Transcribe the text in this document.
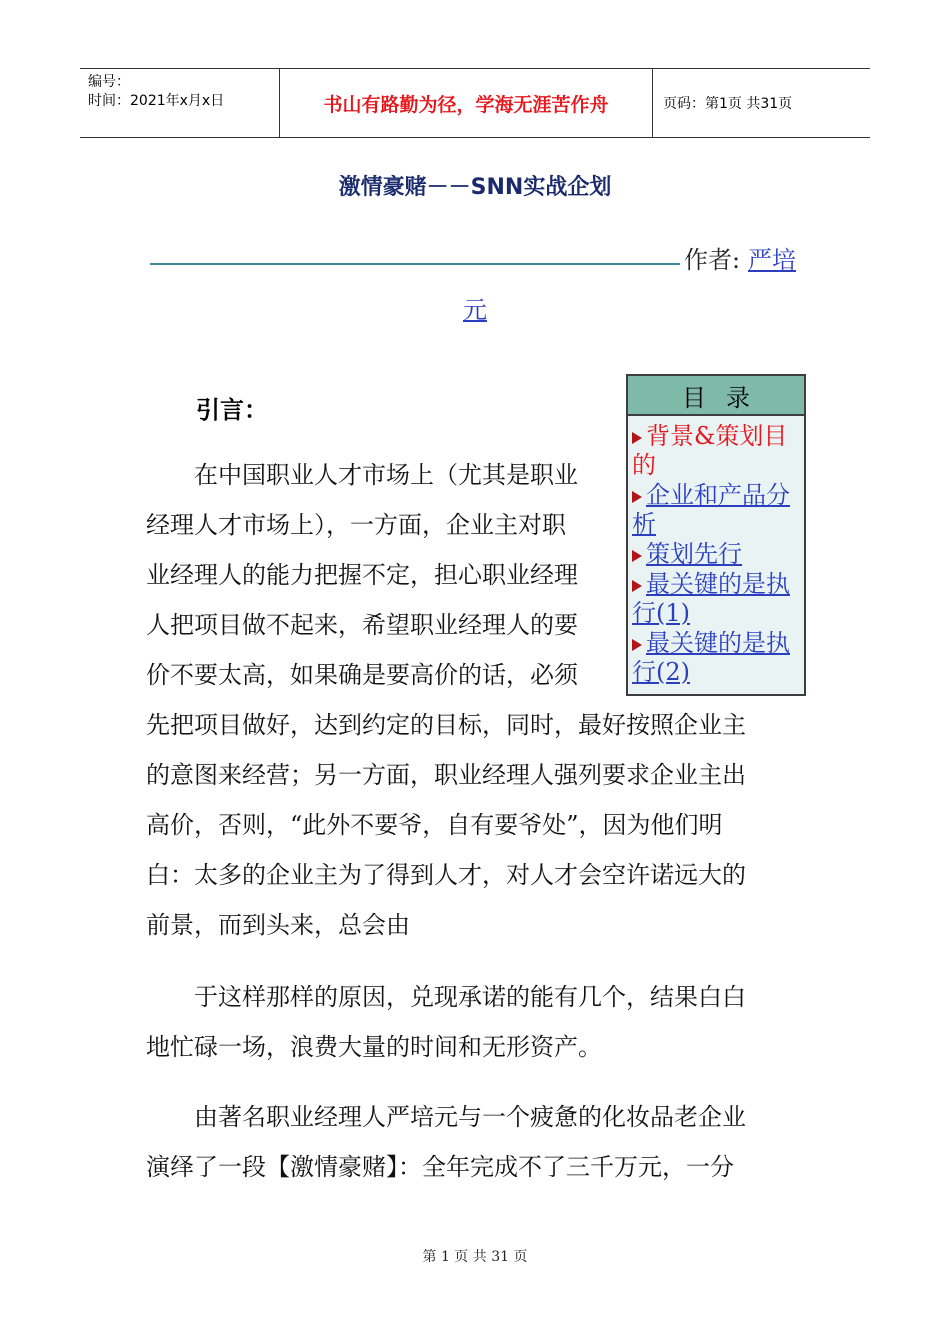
编号：
时间：2021年x月x日	书山有路勤为径，学海无涯苦作舟	页码：第1页 共31页
激情豪赌－－SNN实战企划
作者: 严培
元
引言：
　　在中国职业人才市场上（尤其是职业
经理人才市场上），一方面，企业主对职
业经理人的能力把握不定，担心职业经理
人把项目做不起来，希望职业经理人的要
价不要太高，如果确是要高价的话，必须
先把项目做好，达到约定的目标，同时，最好按照企业主
的意图来经营；另一方面，职业经理人强列要求企业主出
高价，否则，“此外不要爷，自有要爷处”，因为他们明
白：太多的企业主为了得到人才，对人才会空许诺远大的
前景，而到头来，总会由
　　于这样那样的原因，兑现承诺的能有几个，结果白白
地忙碌一场，浪费大量的时间和无形资产。
　　由著名职业经理人严培元与一个疲惫的化妆品老企业
演绎了一段【激情豪赌】：全年完成不了三千万元，一分
目录
背景&策划目
的
企业和产品分
析
策划先行
最关键的是执
行(1)
最关键的是执
行(2)
第 1 页 共 31 页
